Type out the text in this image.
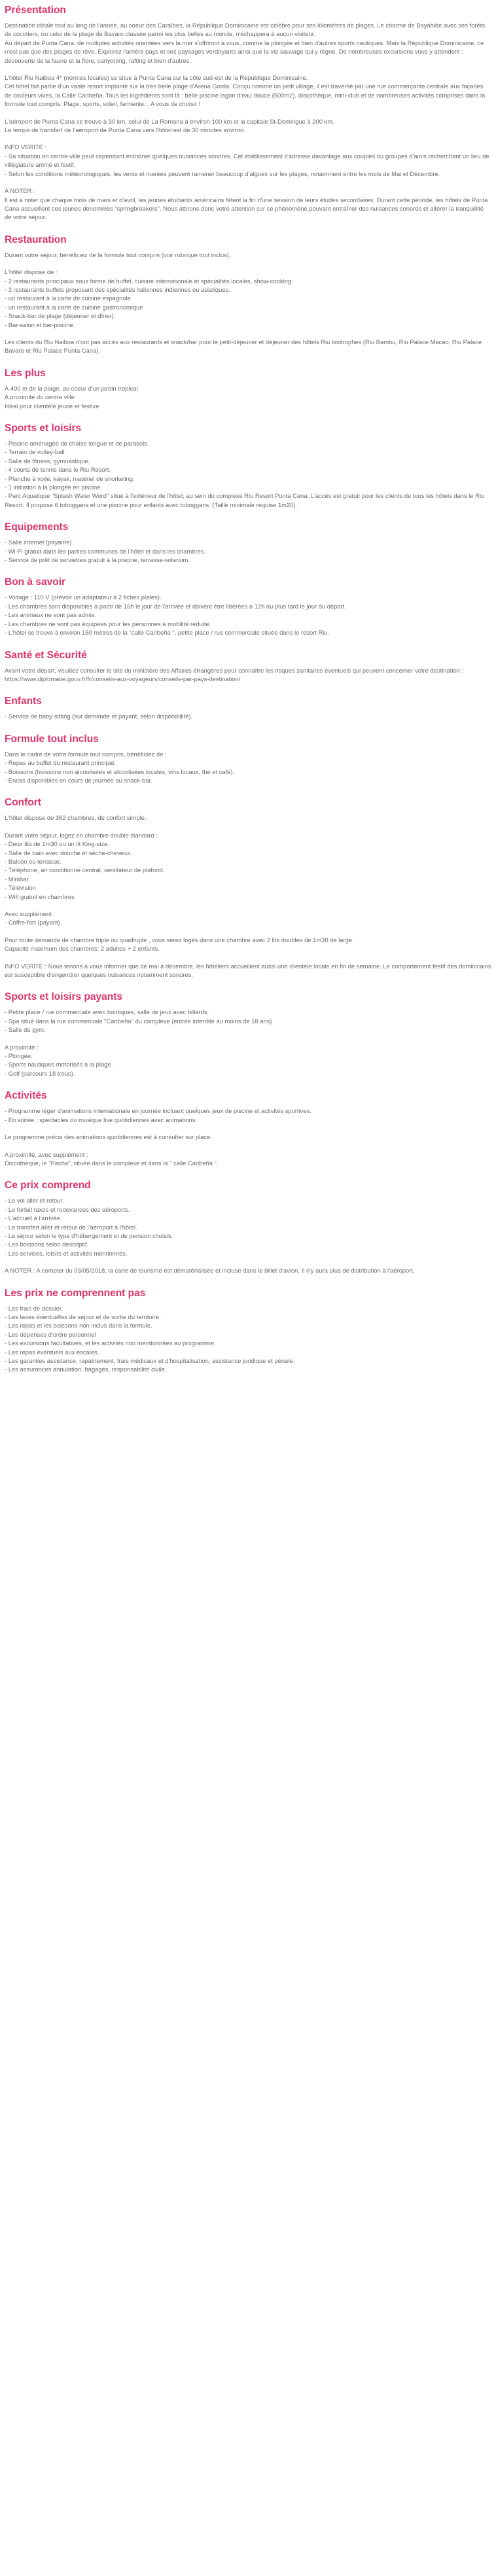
Présentation

Destination idéale tout au long de l'année, au coeur des Caraïbes, la République Dominicaine est célèbre pour ses kilomètres de plages. Le charme de Bayahibe avec ses forêts de cocotiers, ou celui de la plage de Bavaro classée parmi les plus belles au monde, n'échappera à aucun visiteur.

Au départ de Punta Cana, de multiples activités orientées vers la mer s'offriront à vous, comme la plongée et bien d'autres sports nautiques. Mais la République Dominicaine, ce n'est pas que des plages de rêve. Explorez l'arrière pays et ses paysages verdoyants ainsi que la vie sauvage qui y règne. De nombreuses excursions vous y attendent : découverte de la faune et la flore, canyoning, rafting et bien d'autres.

L'hôtel Riu Naiboa 4* (normes locales) se situe à Punta Cana sur la côte sud-est de la République Dominicaine.

Cet hôtel fait partie d'un vaste resort implanté sur la très belle plage d'Arena Gorda. Conçu comme un petit village, il est traversé par une rue commerçante centrale aux façades de couleurs vives, la Calle Caribeña. Tous les ingrédients sont là : belle piscine lagon d'eau douce (500m2), discothèque, mini-club et de nombreuses activités comprises dans la formule tout compris. Plage, sports, soleil, farniente... A vous de choisir !

L'aéroport de Punta Cana se trouve à 30 km, celui de La Romana à environ 100 km et la capitale St-Domingue à 200 km.

Le temps de transfert de l'aéroport de Punta Cana vers l'hôtel est de 30 minutes environ.

INFO VERITE :

- Sa situation en centre-ville peut cependant entraîner quelques nuisances sonores. Cet établissement s'adresse davantage aux couples ou groupes d'amis recherchant un lieu de villégiature animé et festif.

- Selon les conditions météorologiques, les vents et marées peuvent ramener beaucoup d'algues sur les plages, notamment entre les mois de Mai et Décembre.

A NOTER :

Il est à noter que chaque mois de mars et d'avril, les jeunes étudiants américains fêtent la fin d'une session de leurs études secondaires. Durant cette période, les hôtels de Punta Cana accueillent ces jeunes dénommés "springbreakers". Nous attirons donc votre attention sur ce phénomène pouvant entraîner des nuisances sonores et altérer la tranquillité de votre séjour.

Restauration

Durant votre séjour, bénéficiez de la formule tout compris (voir rubrique tout inclus).

L'hôtel dispose de :

- 2 restaurants principaux sous forme de buffet, cuisine internationale et spécialités locales, show-cooking.

- 3 restaurants buffets proposant des spécialités italiennes indiennes ou asiatiques.

- un restaurant à la carte de cuisine espagnole

- un restaurant à la carte de cuisine gastronomique

- Snack-bar de plage (déjeuner et dîner).

- Bar-salon et bar-piscine.

Les clients du Riu Naiboa n'ont pas accès aux restaurants et snack/bar pour le petit-déjeuner et déjeuner des hôtels Riu limitrophes (Riu Bambu, Riu Palace Macao, Riu Palace Bavaro et Riu Palace Punta Cana).

Les plus

À 400 m de la plage, au coeur d'un jardin tropical

A proximité du centre ville

Idéal pour clientèle jeune et festive

Sports et loisirs

- Piscine aménagée de chaise longue et de parasols.

- Terrain de volley-ball.

- Salle de fitness, gymnastique.

- 4 courts de tennis dans le Riu Resort.

- Planche à voile, kayak, matériel de snorkeling.

- 1 initiation à la plongée en piscine.

- Parc Aquatique "Splash Water Word" situé à l'extérieur de l'hôtel, au sein du complexe Riu Resort Punta Cana. L'accès est gratuit pour les clients de tous les hôtels dans le Riu Resort. Il propose 6 toboggans et une piscine pour enfants avec toboggans. (Taille minimale requise 1m20).

Equipements

- Salle internet (payante).

- Wi-Fi gratuit dans les parties communes de l'hôtel et dans les chambres.

- Service de prêt de serviettes gratuit à la piscine, terrasse-solarium.

Bon à savoir

- Voltage : 110 V (prévoir un adaptateur à 2 fiches plates).

- Les chambres sont disponibles à partir de 15h le jour de l'arrivée et doivent être libérées à 12h au plus tard le jour du départ.

- Les animaux ne sont pas admis.

- Les chambres ne sont pas équipées pour les personnes à mobilité réduite.

- L'hôtel se trouve à environ 150 mètres de la "calle Caribeña ", petite place / rue commerciale située dans le resort Riu.

Santé et Sécurité

Avant votre départ, veuillez consulter le site du ministère des Affaires étrangères pour connaître les risques sanitaires éventuels qui peuvent concerner votre destination : https://www.diplomatie.gouv.fr/fr/conseils-aux-voyageurs/conseils-par-pays-destination/

Enfants

- Service de baby-sitting (sur demande et payant, selon disponibilité).

Formule tout inclus

Dans le cadre de votre formule tout compris, bénéficiez de :

- Repas au buffet du restaurant principal.

- Boissons (boissons non alcoolisées et alcoolisées locales, vins locaux, thé et café).

- Encas disponibles en cours de journée au snack-bar.

Confort

L'hôtel dispose de 362 chambres, de confort simple.

Durant votre séjour, logez en chambre double standard :

- Deux lits de 1m30 ou un lit King-size.

- Salle de bain avec douche et sèche-cheveux.

- Balcon ou terrasse.

- Téléphone, air conditionné central, ventilateur de plafond.

- Minibar.

- Télévision

- Wifi gratuit en chambres

Avec supplément :

- Coffre-fort (payant)

Pour toute demande de chambre triple ou quadruple , vous serez logés dans une chambre avec 2 lits doubles de 1m30 de large.

Capacité maximum des chambres: 2 adultes + 2 enfants.

INFO VERITE : Nous tenons à vous informer que de mai à décembre, les hôteliers accueillent aussi une clientèle locale en fin de semaine. Le comportement festif des dominicains est susceptible d'engendrer quelques nuisances notamment sonores.

Sports et loisirs payants

- Petite place / rue commerciale avec boutiques, salle de jeux avec billards.

- Spa situé dans la rue commerciale "Caribeña" du complexe (entrée interdite au moins de 18 ans)

- Salle de gym.

A proximité :

- Plongée.

- Sports nautiques motorisés à la plage.

- Golf (parcours 18 trous).

Activités

- Programme léger d'animations internationale en journée incluant quelques jeux de piscine et activités sportives.

- En soirée : spectacles ou musique live quotidiennes avec animations.

Le programme précis des animations quotidiennes est à consulter sur place.

A proximité, avec supplément :

Discothèque, le "Pacha", située dans le complexe et dans la " calle Caribeña ".

Ce prix comprend

- Le vol aller et retour.

- Le forfait taxes et redevances des aéroports.

- L'accueil à l'arrivée.

- Le transfert aller et retour de l'aéroport à l'hôtel.

- Le séjour selon le type d'hébergement et de pension choisis.

- Les boissons selon descriptif.

- Les services, loisirs et activités mentionnés.

A NOTER : A compter du 03/05/2018, la carte de tourisme est dématérialisée et incluse dans le billet d'avion. Il n'y aura plus de distribution à l'aéroport.

Les prix ne comprennent pas

- Les frais de dossier.

- Les taxes éventuelles de séjour et de sortie du territoire.

- Les repas et les boissons non inclus dans la formule.

- Les dépenses d'ordre personnel

- Les excursions facultatives, et les activités non mentionnées au programme.

- Les repas éventuels aux escales.

- Les garanties assistance, rapatriement, frais médicaux et d'hospitalisation, assistance juridique et pénale.

- Les assurances annulation, bagages, responsabilité civile.
